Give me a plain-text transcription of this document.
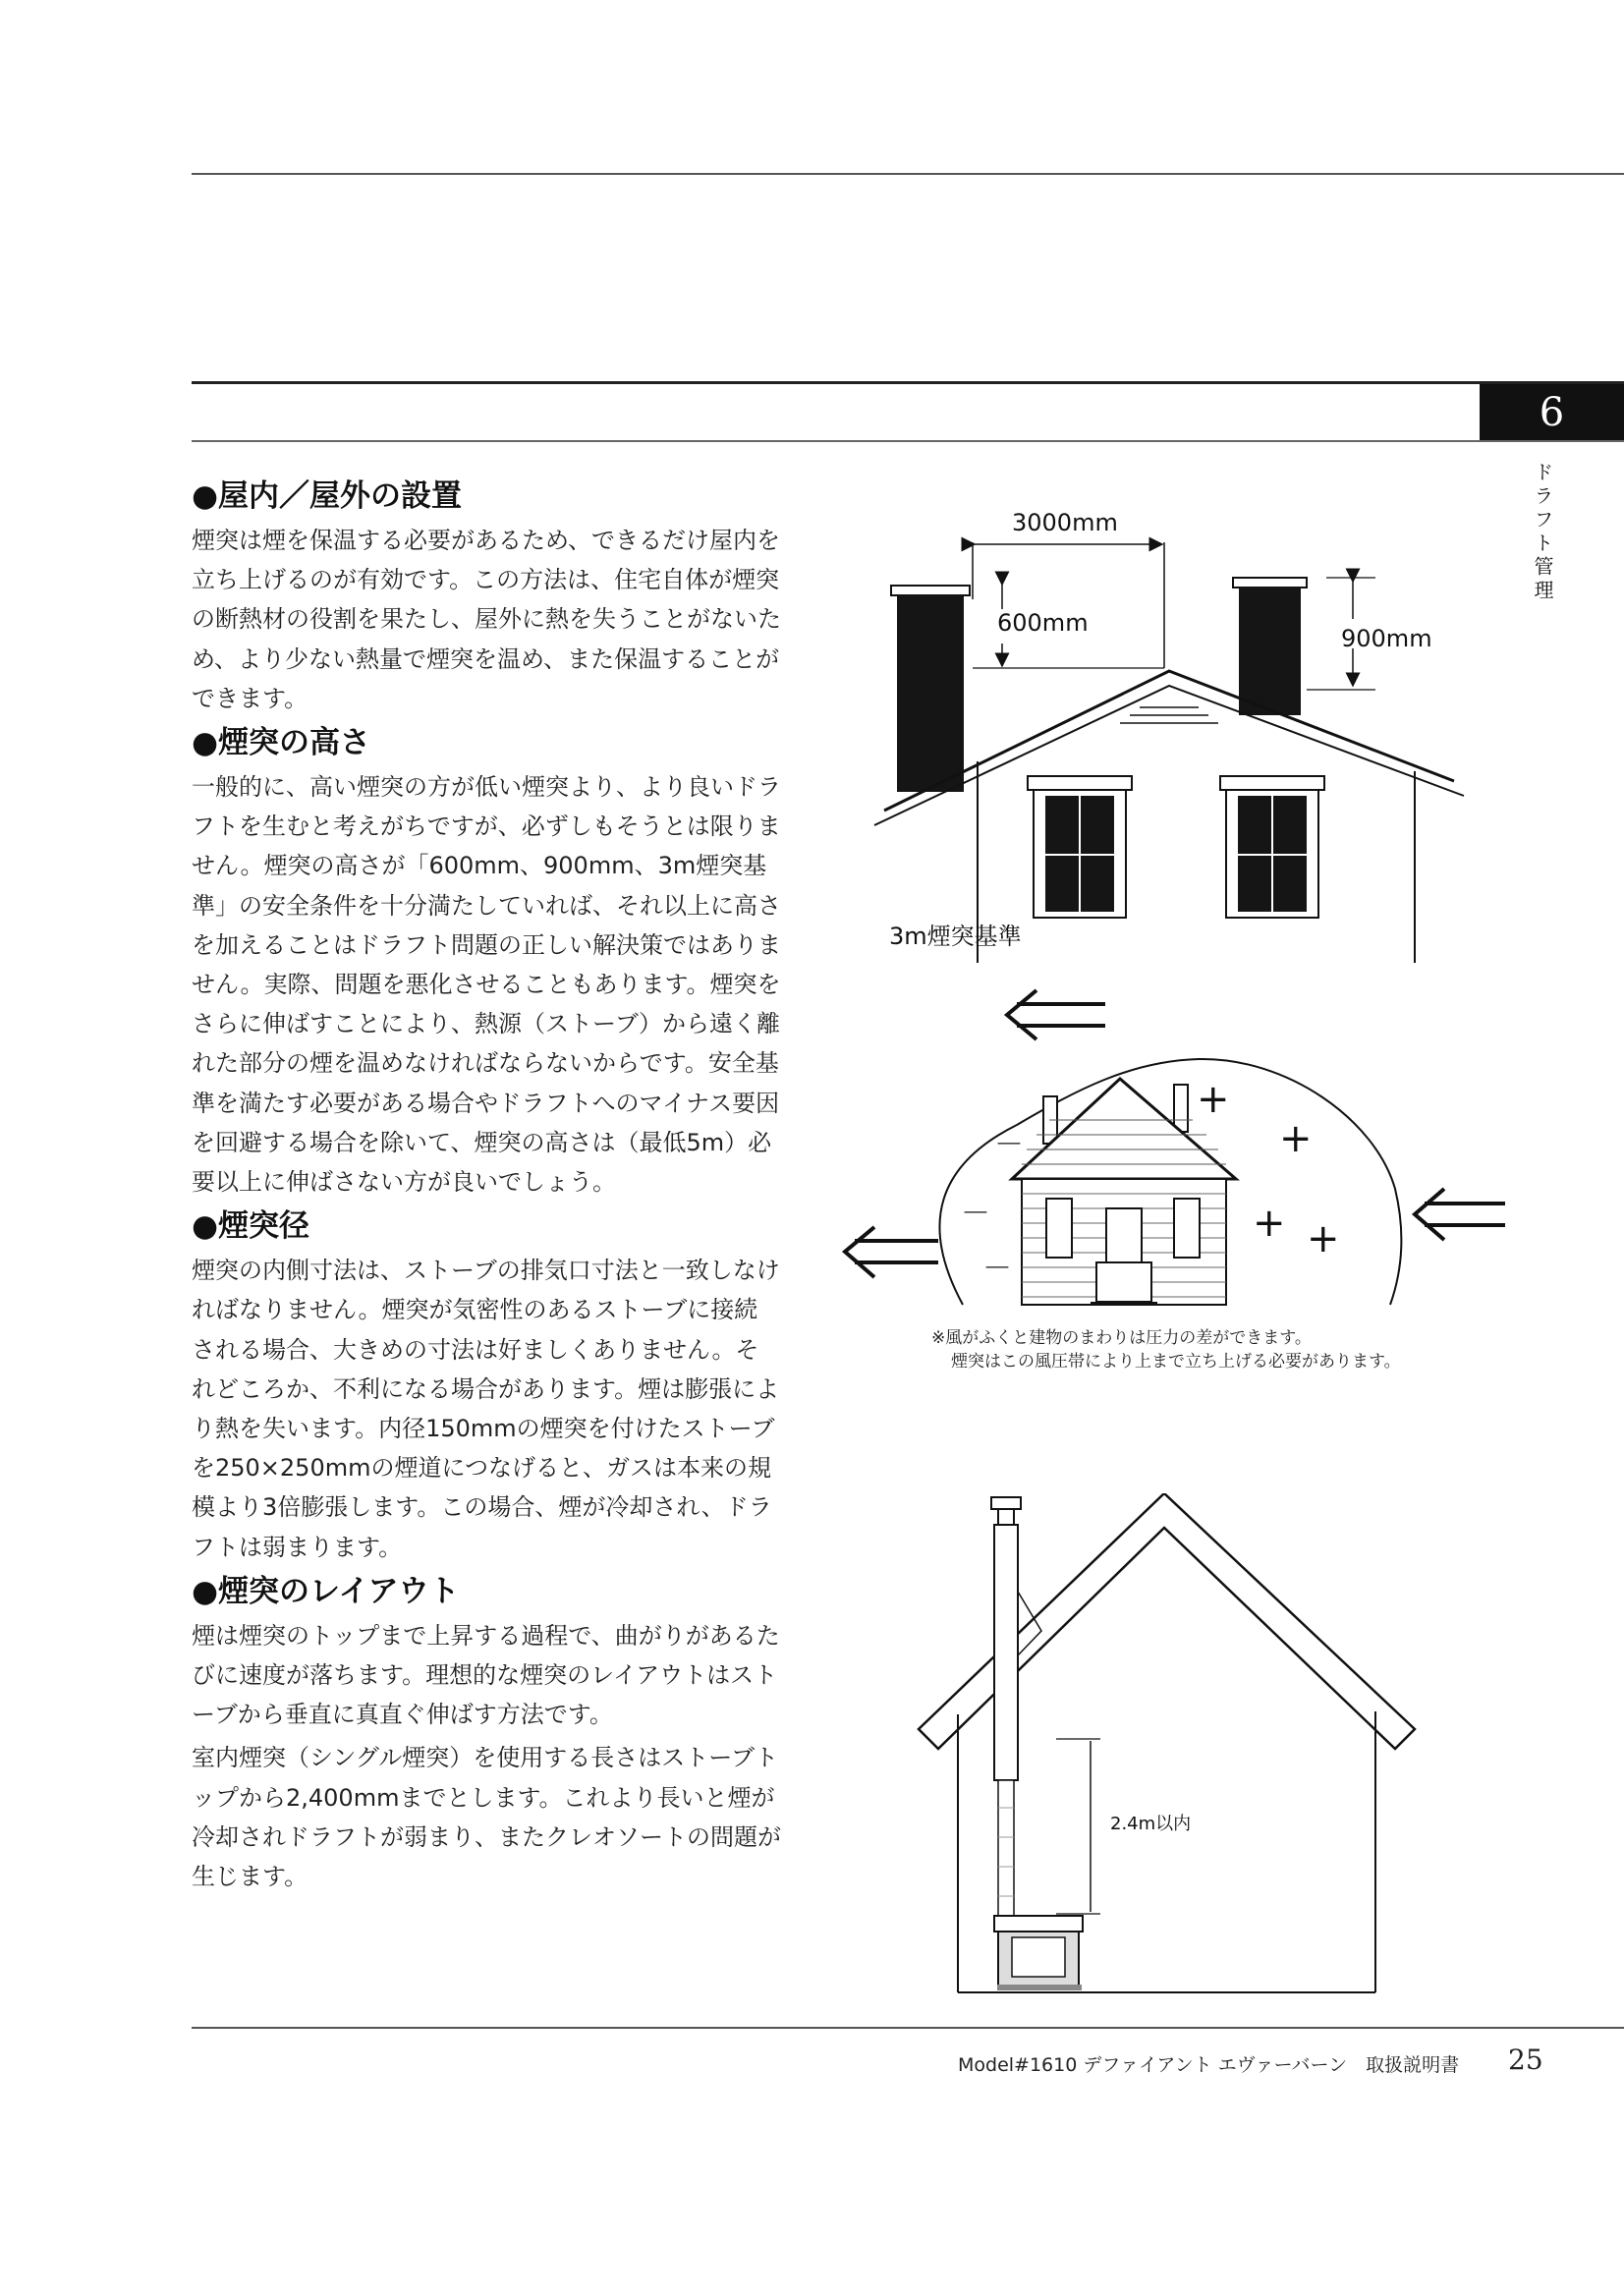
6
ドラフト管理
●屋内／屋外の設置

煙突は煙を保温する必要があるため、できるだけ屋内を立ち上げるのが有効です。この方法は、住宅自体が煙突の断熱材の役割を果たし、屋外に熱を失うことがないため、より少ない熱量で煙突を温め、また保温することができます。

●煙突の高さ

一般的に、高い煙突の方が低い煙突より、より良いドラフトを生むと考えがちですが、必ずしもそうとは限りません。煙突の高さが「600mm、900mm、3m煙突基準」の安全条件を十分満たしていれば、それ以上に高さを加えることはドラフト問題の正しい解決策ではありません。実際、問題を悪化させることもあります。煙突をさらに伸ばすことにより、熱源（ストーブ）から遠く離れた部分の煙を温めなければならないからです。安全基準を満たす必要がある場合やドラフトへのマイナス要因を回避する場合を除いて、煙突の高さは（最低5m）必要以上に伸ばさない方が良いでしょう。

●煙突径

煙突の内側寸法は、ストーブの排気口寸法と一致しなければなりません。煙突が気密性のあるストーブに接続される場合、大きめの寸法は好ましくありません。それどころか、不利になる場合があります。煙は膨張により熱を失います。内径150mmの煙突を付けたストーブを250×250mmの煙道につなげると、ガスは本来の規模より3倍膨張します。この場合、煙が冷却され、ドラフトは弱まります。

●煙突のレイアウト

煙は煙突のトップまで上昇する過程で、曲がりがあるたびに速度が落ちます。理想的な煙突のレイアウトはストーブから垂直に真直ぐ伸ばす方法です。

室内煙突（シングル煙突）を使用する長さはストーブトップから2,400mmまでとします。これより長いと煙が冷却されドラフトが弱まり、またクレオソートの問題が生じます。

3000mm
600mm
900mm
3m煙突基準
+
+
+ +
－
－
－
※風がふくと建物のまわりは圧力の差ができます。
煙突はこの風圧帯により上まで立ち上げる必要があります。
2.4m以内
Model#1610 デファイアント エヴァーバーン　取扱説明書 25
